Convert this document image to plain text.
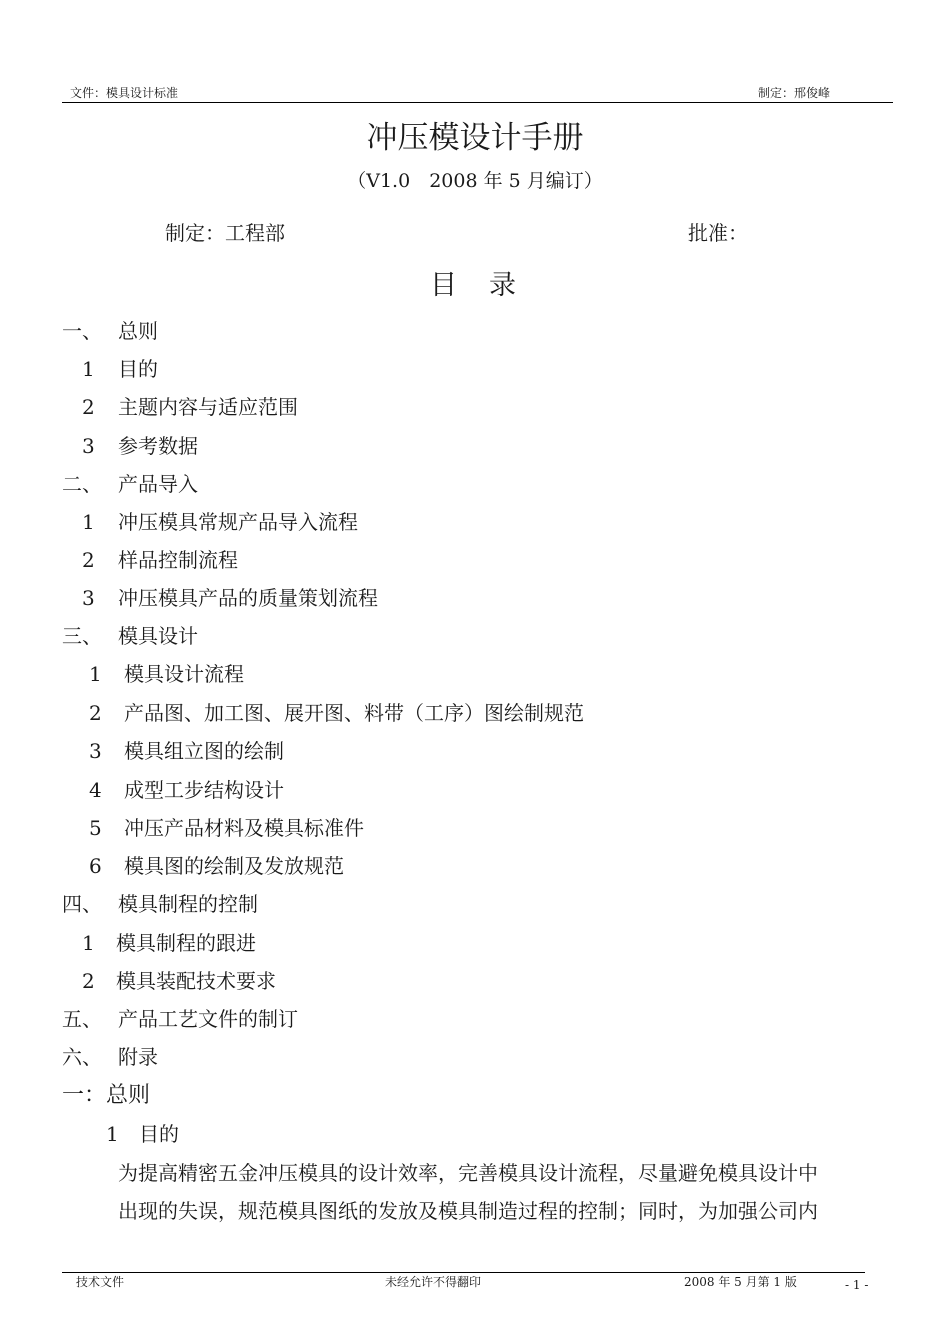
文件：模具设计标准	制定：邢俊峰
冲压模设计手册
（V1.0　2008 年 5 月编订）
制定：工程部	批准：
目 录
一、 总则
1 目的
2 主题内容与适应范围
3 参考数据
二、 产品导入
1 冲压模具常规产品导入流程
2 样品控制流程
3 冲压模具产品的质量策划流程
三、 模具设计
1 模具设计流程
2 产品图、加工图、展开图、料带（工序）图绘制规范
3 模具组立图的绘制
4 成型工步结构设计
5 冲压产品材料及模具标准件
6 模具图的绘制及发放规范
四、 模具制程的控制
1 模具制程的跟进
2 模具装配技术要求
五、 产品工艺文件的制订
六、 附录
一：总则
1 目的
为提高精密五金冲压模具的设计效率，完善模具设计流程，尽量避免模具设计中
出现的失误，规范模具图纸的发放及模具制造过程的控制；同时，为加强公司内
技术文件	未经允许不得翻印	2008 年 5 月第 1 版	- 1 -
